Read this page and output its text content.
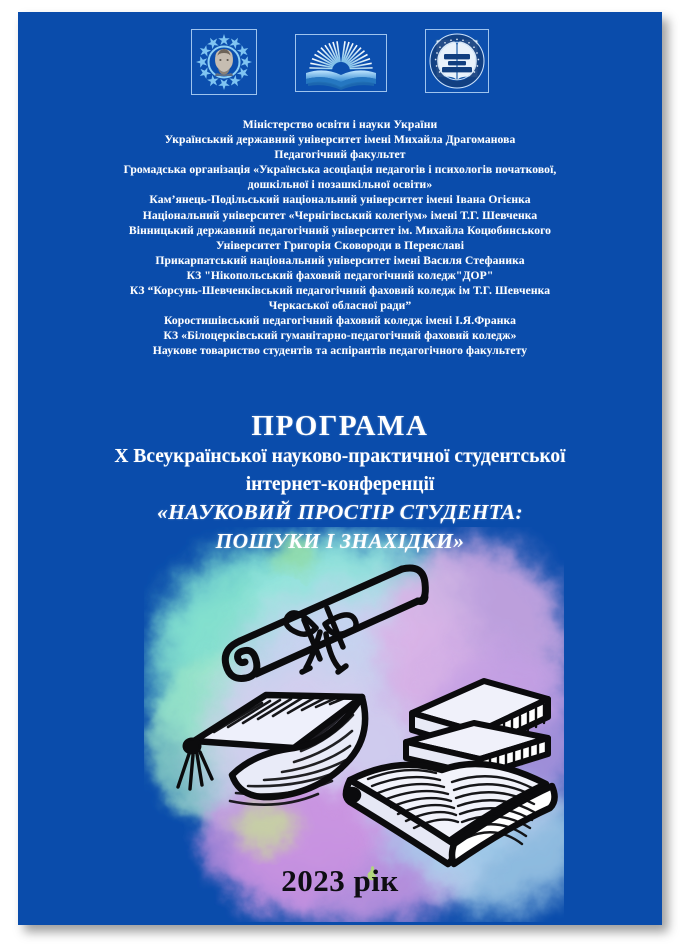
Міністерство освіти і науки України
Український державний університет імені Михайла Драгоманова
Педагогічний факультет
Громадська організація «Українська асоціація педагогів і психологів початкової,
дошкільної і позашкільної освіти»
Кам’янець-Подільський національний університет імені Івана Огієнка
Національний університет «Чернігівський колегіум» імені Т.Г. Шевченка
Вінницький державний педагогічний університет ім. Михайла Коцюбинського
Університет Григорія Сковороди в Переяславі
Прикарпатський національний університет імені Василя Стефаника
КЗ "Нікопольський фаховий педагогічний коледж"ДОР"
КЗ “Корсунь-Шевченківський педагогічний фаховий коледж ім Т.Г. Шевченка
Черкаської обласної ради”
Коростишівський педагогічний фаховий коледж імені І.Я.Франка
КЗ «Білоцерківський гуманітарно-педагогічний фаховий коледж»
Наукове товариство студентів та аспірантів педагогічного факультету
ПРОГРАМА
X Всеукраїнської науково-практичної студентської
інтернет-конференції
«НАУКОВИЙ ПРОСТІР СТУДЕНТА:
ПОШУКИ І ЗНАХІДКИ»
2023 рік
